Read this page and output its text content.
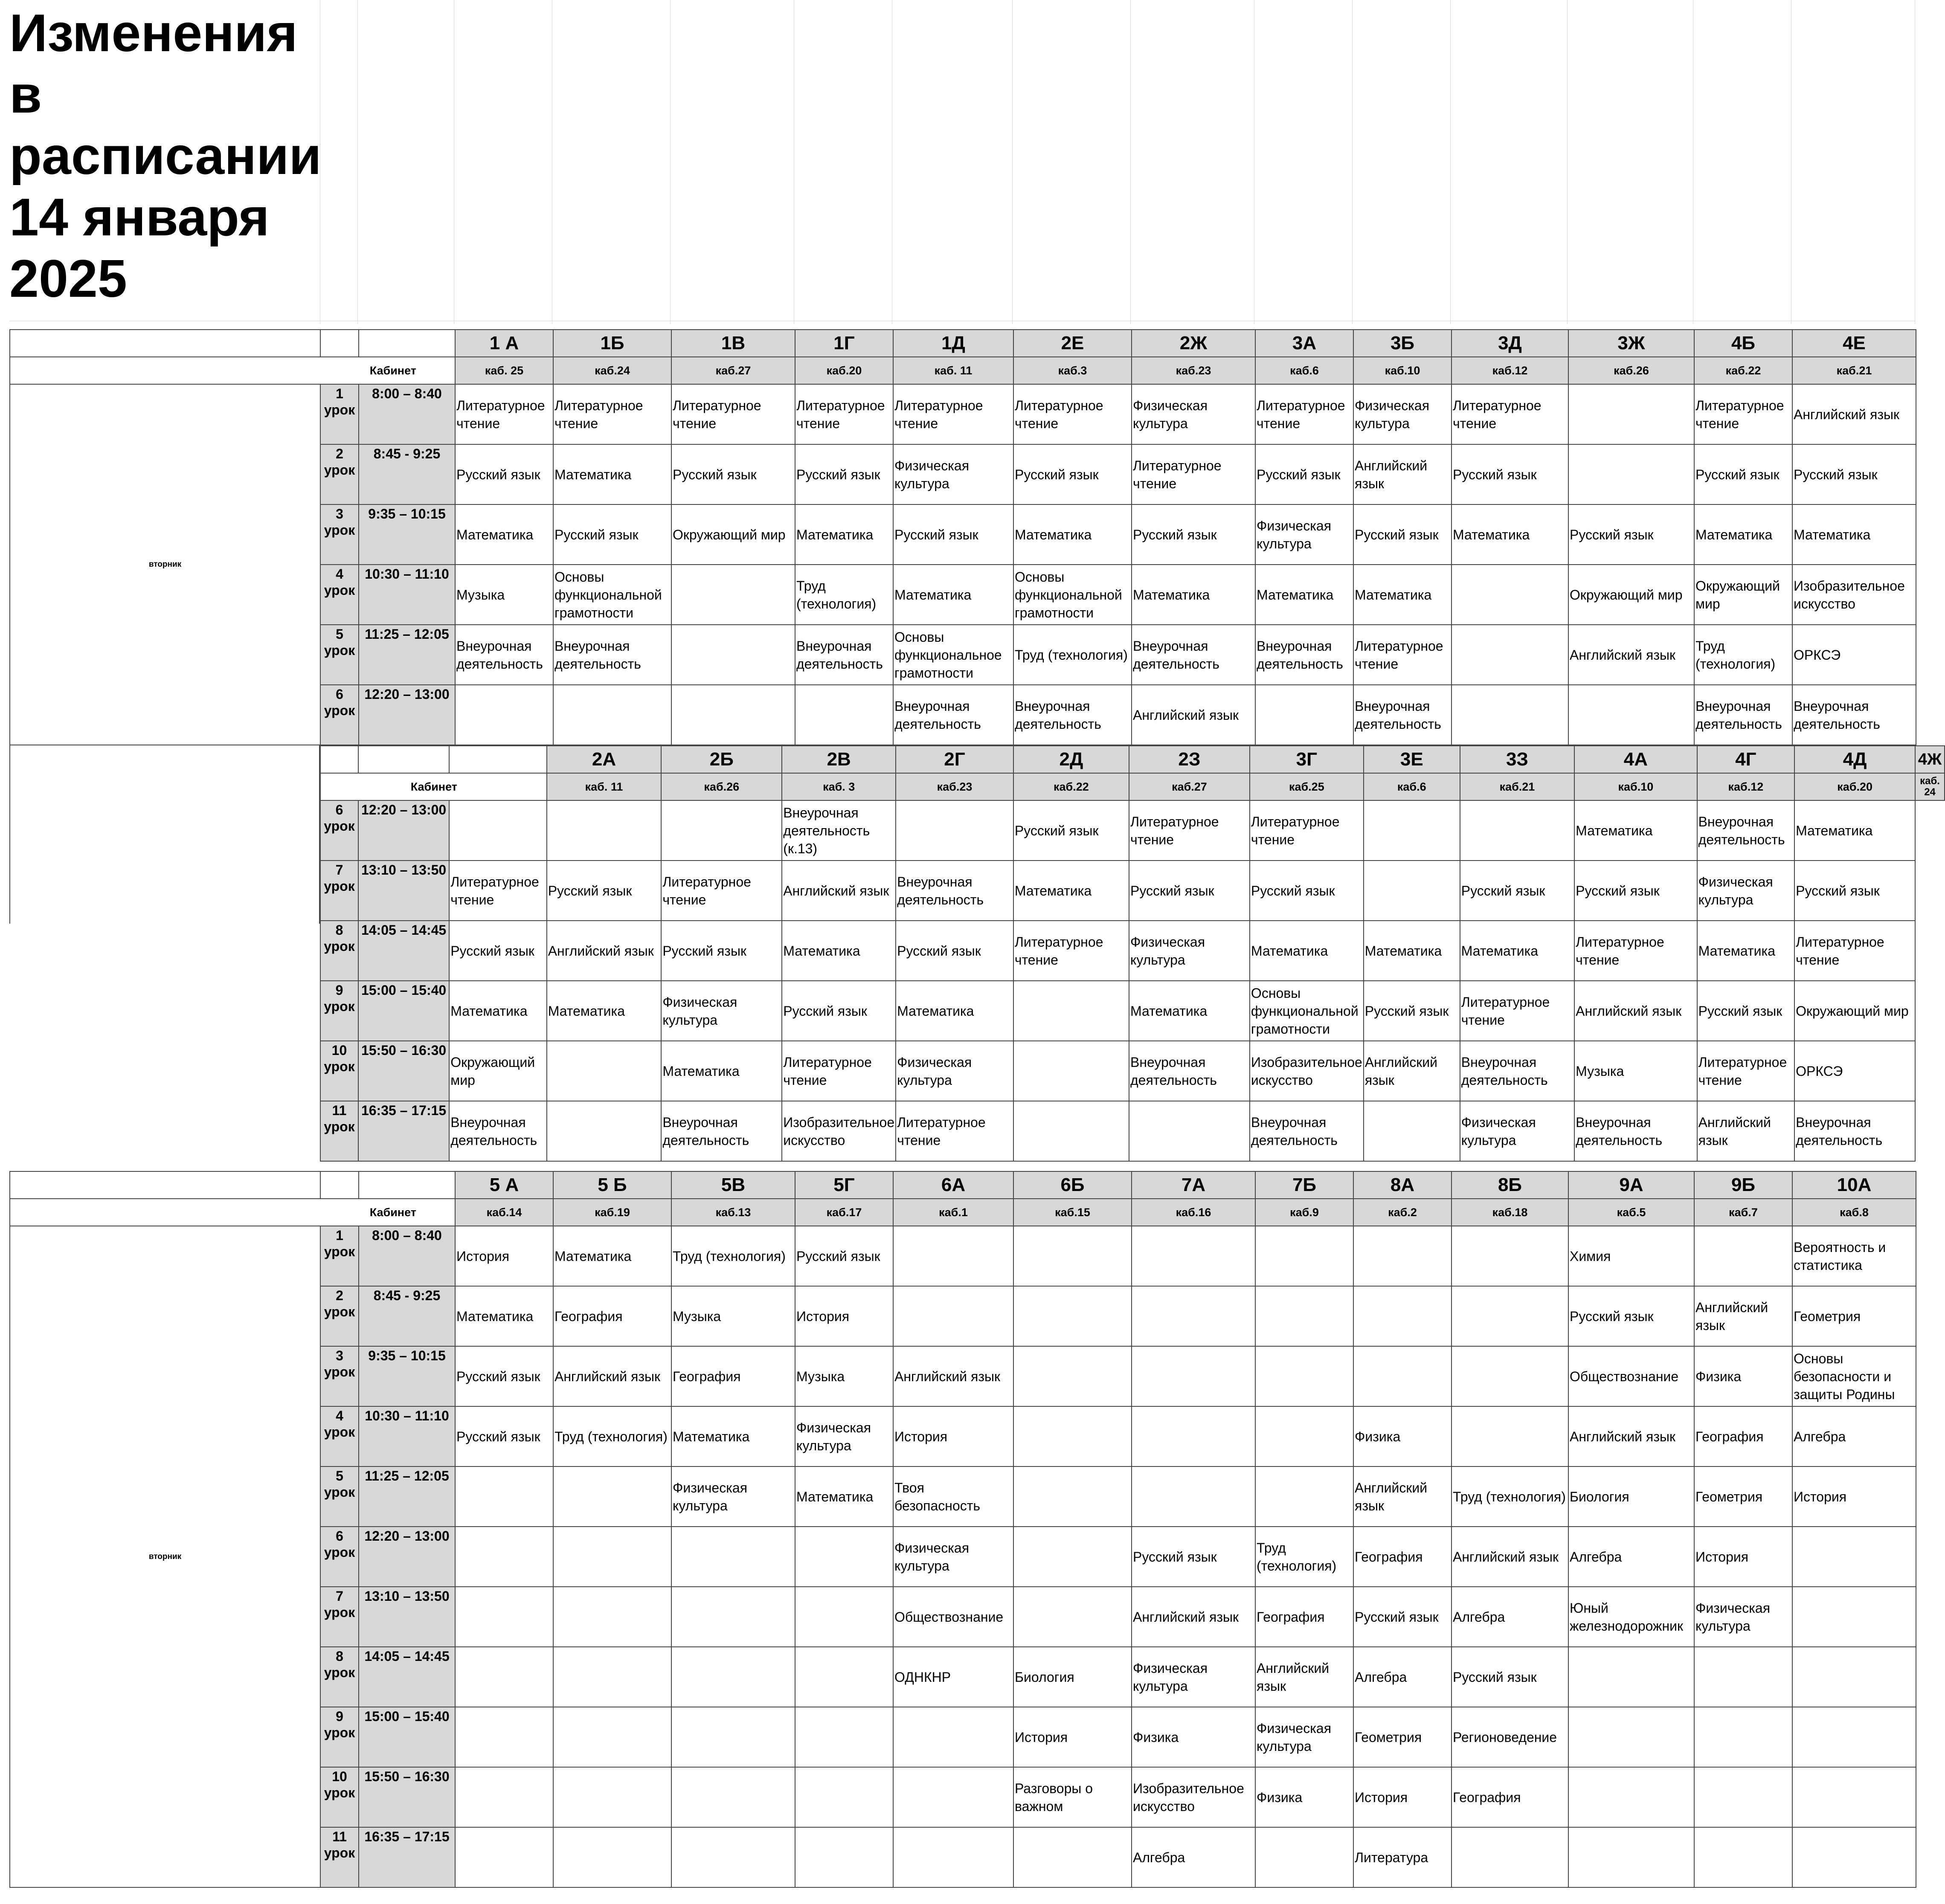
Изменения в расписании 14 января 2025
			1 А	1Б	1В	1Г	1Д	2Е	2Ж	3А	3Б	3Д	3Ж	4Б	4Е
Кабинет			каб. 25	каб.24	каб.27	каб.20	каб. 11	каб.3	каб.23	каб.6	каб.10	каб.12	каб.26	каб.22	каб.21
вторник	1 урок	8:00 – 8:40	Литературное чтение	Литературное чтение	Литературное чтение	Литературное чтение	Литературное чтение	Литературное чтение	Физическая культура	Литературное чтение	Физическая культура	Литературное чтение		Литературное чтение	Английский язык
	2 урок	8:45 - 9:25	Русский язык	Математика	Русский язык	Русский язык	Физическая культура	Русский язык	Литературное чтение	Русский язык	Английский язык	Русский язык		Русский язык	Русский язык
	3 урок	9:35 – 10:15	Математика	Русский язык	Окружающий мир	Математика	Русский язык	Математика	Русский язык	Физическая культура	Русский язык	Математика	Русский язык	Математика	Математика
	4 урок	10:30 – 11:10	Музыка	Основы функциональной грамотности		Труд (технология)	Математика	Основы функциональной грамотности	Математика	Математика	Математика		Окружающий мир	Окружающий мир	Изобразительное искусство
	5 урок	11:25 – 12:05	Внеурочная деятельность	Внеурочная деятельность		Внеурочная деятельность	Основы функциональное грамотности	Труд (технология)	Внеурочная деятельность	Внеурочная деятельность	Литературное чтение		Английский язык	Труд (технология)	ОРКСЭ
	6 урок	12:20 – 13:00					Внеурочная деятельность	Внеурочная деятельность	Английский язык		Внеурочная деятельность			Внеурочная деятельность	Внеурочная деятельность
			2А	2Б	2В	2Г	2Д	2З	3Г	3Е	3З	4А	4Г	4Д	4Ж
Кабинет			каб. 11	каб.26	каб. 3	каб.23	каб.22	каб.27	каб.25	каб.6	каб.21	каб.10	каб.12	каб.20	каб. 24
6 урок	12:20 – 13:00				Внеурочная деятельность (к.13)		Русский язык	Литературное чтение	Литературное чтение			Математика	Внеурочная деятельность	Математика	
7 урок	13:10 – 13:50	Литературное чтение	Русский язык	Литературное чтение	Английский язык	Внеурочная деятельность	Математика	Русский язык	Русский язык		Русский язык	Русский язык	Физическая культура	Русский язык	
8 урок	14:05 – 14:45	Русский язык	Английский язык	Русский язык	Математика	Русский язык	Литературное чтение	Физическая культура	Математика	Математика	Математика	Литературное чтение	Математика	Литературное чтение	
9 урок	15:00 – 15:40	Математика	Математика	Физическая культура	Русский язык	Математика		Математика	Основы функциональной грамотности	Русский язык	Литературное чтение	Английский язык	Русский язык	Окружающий мир	
10 урок	15:50 – 16:30	Окружающий мир		Математика	Литературное чтение	Физическая культура		Внеурочная деятельность	Изобразительное искусство	Английский язык	Внеурочная деятельность	Музыка	Литературное чтение	ОРКСЭ	
11 урок	16:35 – 17:15	Внеурочная деятельность		Внеурочная деятельность	Изобразительное искусство	Литературное чтение			Внеурочная деятельность		Физическая культура	Внеурочная деятельность	Английский язык	Внеурочная деятельность	
			5 А	5 Б	5В	5Г	6А	6Б	7А	7Б	8А	8Б	9А	9Б	10А
Кабинет			каб.14	каб.19	каб.13	каб.17	каб.1	каб.15	каб.16	каб.9	каб.2	каб.18	каб.5	каб.7	каб.8
вторник	1 урок	8:00 – 8:40	История	Математика	Труд (технология)	Русский язык							Химия		Вероятность и статистика
	2 урок	8:45 - 9:25	Математика	География	Музыка	История							Русский язык	Английский язык	Геометрия
	3 урок	9:35 – 10:15	Русский язык	Английский язык	География	Музыка	Английский язык						Обществознание	Физика	Основы безопасности и защиты Родины
	4 урок	10:30 – 11:10	Русский язык	Труд (технология)	Математика	Физическая культура	История				Физика		Английский язык	География	Алгебра
	5 урок	11:25 – 12:05			Физическая культура	Математика	Твоя безопасность				Английский язык	Труд (технология)	Биология	Геометрия	История
	6 урок	12:20 – 13:00					Физическая культура		Русский язык	Труд (технология)	География	Английский язык	Алгебра	История	
	7 урок	13:10 – 13:50					Обществознание		Английский язык	География	Русский язык	Алгебра	Юный железнодорожник	Физическая культура	
	8 урок	14:05 – 14:45					ОДНКНР	Биология	Физическая культура	Английский язык	Алгебра	Русский язык			
	9 урок	15:00 – 15:40						История	Физика	Физическая культура	Геометрия	Регионоведение			
	10 урок	15:50 – 16:30						Разговоры о важном	Изобразительное искусство	Физика	История	География			
	11 урок	16:35 – 17:15							Алгебра		Литература				
